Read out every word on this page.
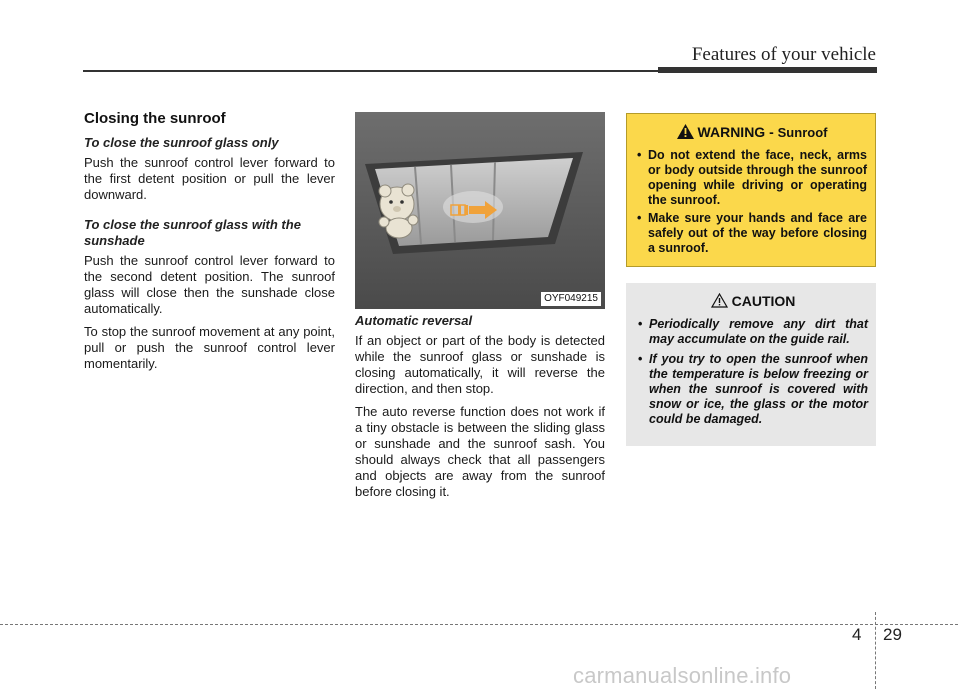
Features of your vehicle
Closing the sunroof
To close the sunroof glass only

Push the sunroof control lever forward to the first detent position or pull the lever downward.

To close the sunroof glass with the sunshade

Push the sunroof control lever forward to the second detent position. The sunroof glass will close then the sunshade close automatically.

To stop the sunroof movement at any point, pull or push the sunroof control lever momentarily.

OYF049215
Automatic reversal

If an object or part of the body is detected while the sunroof glass or sunshade is closing automatically, it will reverse the direction, and then stop.

The auto reverse function does not work if a tiny obstacle is between the sliding glass or sunshade and the sunroof sash. You should always check that all passengers and objects are away from the sunroof before closing it.

WARNING - Sunroof
• Do not extend the face, neck, arms or body outside through the sunroof opening while driving or operating the sunroof.
• Make sure your hands and face are safely out of the way before closing a sunroof.
CAUTION
• Periodically remove any dirt that may accumulate on the guide rail.
• If you try to open the sunroof when the temperature is below freezing or when the sunroof is covered with snow or ice, the glass or the motor could be damaged.
4 29
carmanualsonline.info
